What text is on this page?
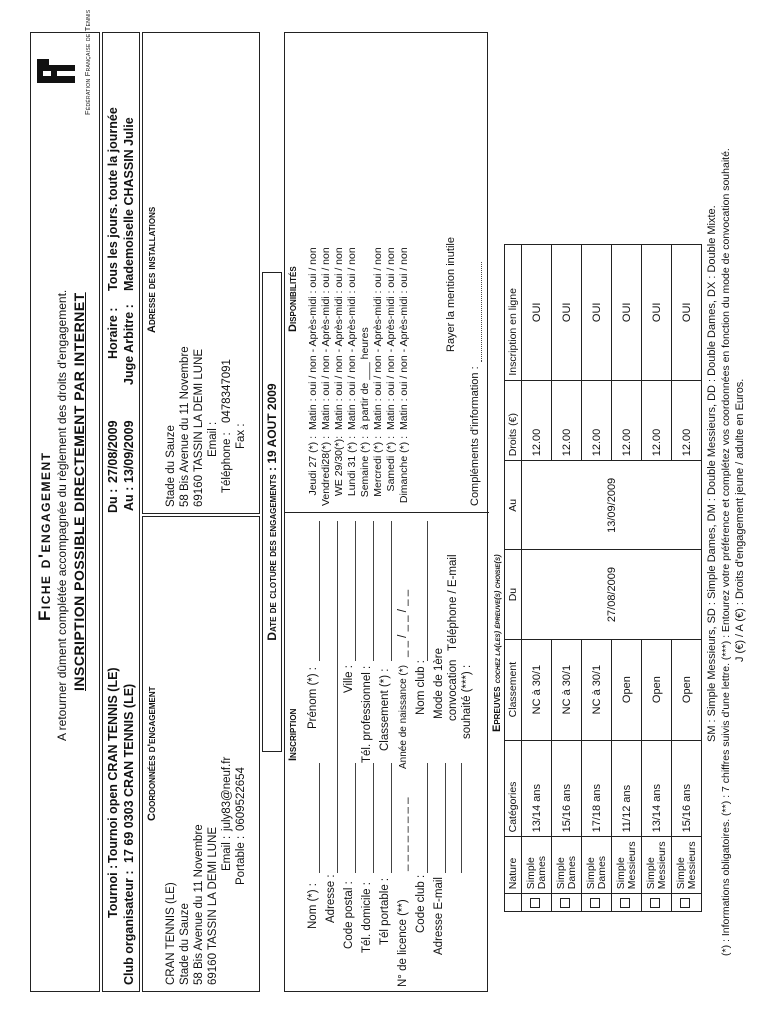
Fiche d'engagement A retourner dûment complétée accompagnée du règlement des droits d'engagement. INSCRIPTION POSSIBLE DIRECTEMENT PAR INTERNET
Fédération Française de Tennis
Tournoi :
Tournoi open CRAN TENNIS (LE)
Club organisateur :
17 69 0303 CRAN TENNIS (LE)
Du :
27/08/2009
Au :
13/09/2009
Horaire :
Tous les jours. toute la journée
Juge Arbitre :
Mademoiselle CHASSIN Julie
Coordonnées d'engagement
CRAN TENNIS (LE) Stade du Sauze 58 Bis Avenue du 11 Novembre 69160 TASSIN LA DEMI LUNE Email :
july83@neuf.fr
Portable :
0609522654
Adresse des installations
Stade du Sauze 58 Bis Avenue du 11 Novembre 69160 TASSIN LA DEMI LUNE Email : Téléphone :
0478347091
Fax : Date de cloture des engagements : 19 AOUT 2009
Inscription
Nom (*) :
Prénom (*) :
Adresse : Code postal :
Ville :
Tél. domicile :
Tél. professionnel :
Tél portable :
Classement (*) :
N° de licence (**)
_ _ _ _ _ _ _ _
Année de naissance (*)
_ _ / _ _ / _ _
Code club :
Nom club :
Adresse E-mail
Mode de 1ère convocation souhaité (***) :
Téléphone / E-mail
Disponibilités
Jeudi 27 (*) :
Matin : oui / non - Après-midi : oui / non
Vendredi28(*) :
Matin : oui / non - Après-midi : oui / non
WE 29/30(*):
Matin : oui / non - Après-midi : oui / non
Lundi 31 (*) :
Matin : oui / non - Après-midi : oui / non
Semaine (*) :
à partir de ___ heures
Mercredi (*) :
Matin : oui / non - Après-midi : oui / non
Samedi (*) :
Matin : oui / non - Après-midi : oui / non
Dimanche (*) :
Matin : oui / non - Après-midi : oui / non	Rayer la mention inutile
Compléments d'information :
Epreuves cochez la(les) épreuve(s) choisie(s)
	Nature	Catégories	Classement	Du	Au	Droits (€)	Inscription en ligne
	Simple Dames	13/14 ans	NC à 30/1	27/08/2009	13/09/2009	12.00	OUI
	Simple Dames	15/16 ans	NC à 30/1			12.00	OUI
	Simple Dames	17/18 ans	NC à 30/1			12.00	OUI
	Simple Messieurs	11/12 ans	Open			12.00	OUI
	Simple Messieurs	13/14 ans	Open			12.00	OUI
	Simple Messieurs	15/16 ans	Open			12.00	OUI SM : Simple Messieurs, SD : Simple Dames, DM : Double Messieurs, DD : Double Dames, DX : Double Mixte. (*) : Informations obligatoires. (**) : 7 chiffres suivis d'une lettre. (***) : Entourez votre préférence et complétez vos coordonnées en fonction du mode de convocation souhaité. J (€) / A (€) : Droits d'engagement jeune / adulte en Euros.
